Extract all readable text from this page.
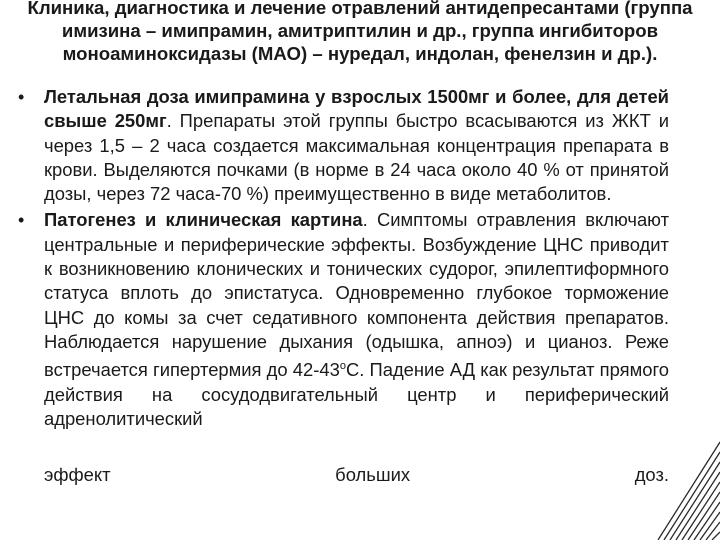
Клиника, диагностика и лечение отравлений антидепресантами (группа имизина – имипрамин, амитриптилин и др., группа ингибиторов моноаминоксидазы (МАО) – нуредал, индолан, фенелзин и др.).
• Летальная доза имипрамина у взрослых 1500мг и более, для детей свыше 250мг. Препараты этой группы быстро всасываются из ЖКТ и через 1,5 – 2 часа создается максимальная концентрация препарата в крови. Выделяются почками (в норме в 24 часа около 40 % от принятой дозы, через 72 часа-70 %) преимущественно в виде метаболитов.
• Патогенез и клиническая картина. Симптомы отравления включают центральные и периферические эффекты. Возбуждение ЦНС приводит к возникновению клонических и тонических судорог, эпилептиформного статуса вплоть до эпистатуса. Одновременно глубокое торможение ЦНС до комы за счет седативного компонента действия препаратов. Наблюдается нарушение дыхания (одышка, апноэ) и цианоз. Реже встречается гипертермия до $42-43^оС$. Падение АД как результат прямого действия на сосудодвигательный центр и периферический адренолитический
эффект больших доз.
